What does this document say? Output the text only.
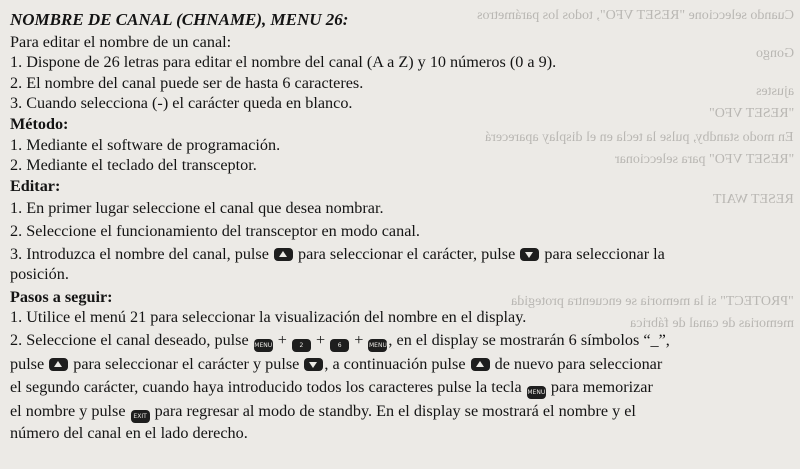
Cuando seleccione "RESET VFO", todos los parámetros
Gongo
ajustes
"RESET VFO"
En modo standby, pulse la tecla en el display aparecerá
"RESET VFO" para seleccionar
RESET WAIT
"PROTECT" si la memoria se encuentra protegida
memorias de canal de fábrica
NOMBRE DE CANAL (CHNAME), MENU 26:
Para editar el nombre de un canal:
1. Dispone de 26 letras para editar el nombre del canal (A a Z) y 10 números (0 a 9).
2. El nombre del canal puede ser de hasta 6 caracteres.
3. Cuando selecciona (-) el carácter queda en blanco.
Método:
1. Mediante el software de programación.
2. Mediante el teclado del transceptor.
Editar:
1. En primer lugar seleccione el canal que desea nombrar.
2. Seleccione el funcionamiento del transceptor en modo canal.
3. Introduzca el nombre del canal, pulse para seleccionar el carácter, pulse para seleccionar la
posición.
Pasos a seguir:
1. Utilice el menú 21 para seleccionar la visualización del nombre en el display.
2. Seleccione el canal deseado, pulse MENU + 2 + 6 + MENU, en el display se mostrarán 6 símbolos “_”,
pulse para seleccionar el carácter y pulse , a continuación pulse de nuevo para seleccionar
el segundo carácter, cuando haya introducido todos los caracteres pulse la tecla MENU para memorizar
el nombre y pulse EXIT para regresar al modo de standby. En el display se mostrará el nombre y el
número del canal en el lado derecho.
